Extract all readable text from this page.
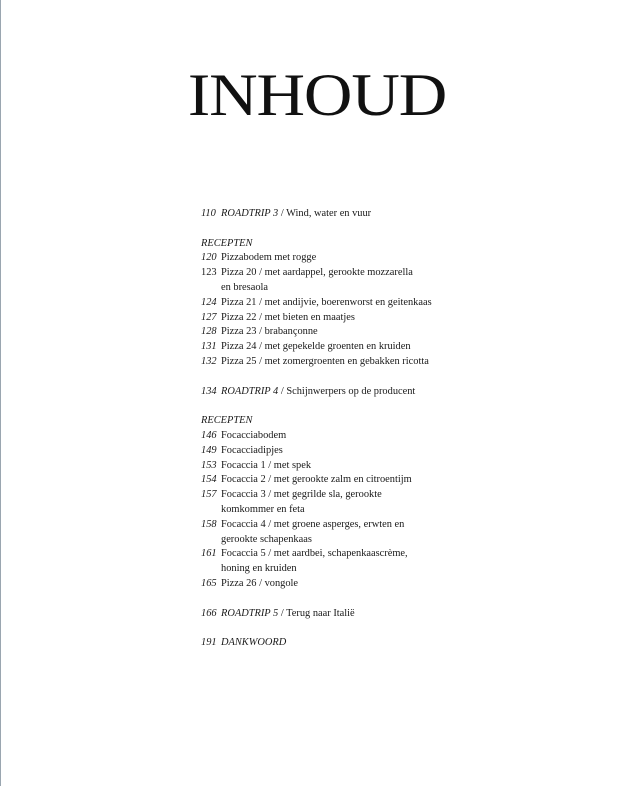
INHOUD
110 ROADTRIP 3 / Wind, water en vuur
RECEPTEN
120 Pizzabodem met rogge
123 Pizza 20 / met aardappel, gerookte mozzarella
en bresaola
124 Pizza 21 / met andijvie, boerenworst en geitenkaas
127 Pizza 22 / met bieten en maatjes
128 Pizza 23 / brabançonne
131 Pizza 24 / met gepekelde groenten en kruiden
132 Pizza 25 / met zomergroenten en gebakken ricotta
134 ROADTRIP 4 / Schijnwerpers op de producent
RECEPTEN
146 Focacciabodem
149 Focacciadipjes
153 Focaccia 1 / met spek
154 Focaccia 2 / met gerookte zalm en citroentijm
157 Focaccia 3 / met gegrilde sla, gerookte
komkommer en feta
158 Focaccia 4 / met groene asperges, erwten en
gerookte schapenkaas
161 Focaccia 5 / met aardbei, schapenkaascrème,
honing en kruiden
165 Pizza 26 / vongole
166 ROADTRIP 5 / Terug naar Italië
191 DANKWOORD
